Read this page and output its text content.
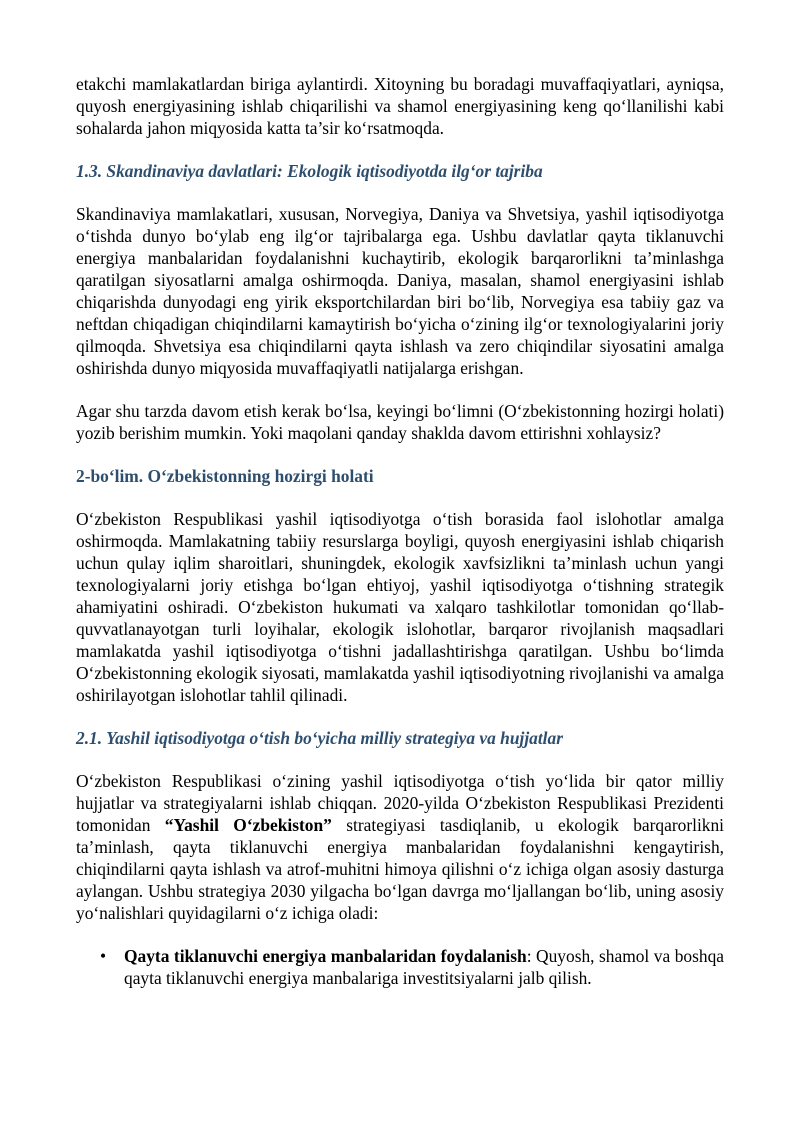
etakchi mamlakatlardan biriga aylantirdi. Xitoyning bu boradagi muvaffaqiyatlari, ayniqsa, quyosh energiyasining ishlab chiqarilishi va shamol energiyasining keng qo‘llanilishi kabi sohalarda jahon miqyosida katta ta’sir ko‘rsatmoqda.

1.3. Skandinaviya davlatlari: Ekologik iqtisodiyotda ilg‘or tajriba

Skandinaviya mamlakatlari, xususan, Norvegiya, Daniya va Shvetsiya, yashil iqtisodiyotga o‘tishda dunyo bo‘ylab eng ilg‘or tajribalarga ega. Ushbu davlatlar qayta tiklanuvchi energiya manbalaridan foydalanishni kuchaytirib, ekologik barqarorlikni ta’minlashga qaratilgan siyosatlarni amalga oshirmoqda. Daniya, masalan, shamol energiyasini ishlab chiqarishda dunyodagi eng yirik eksportchilardan biri bo‘lib, Norvegiya esa tabiiy gaz va neftdan chiqadigan chiqindilarni kamaytirish bo‘yicha o‘zining ilg‘or texnologiyalarini joriy qilmoqda. Shvetsiya esa chiqindilarni qayta ishlash va zero chiqindilar siyosatini amalga oshirishda dunyo miqyosida muvaffaqiyatli natijalarga erishgan.

Agar shu tarzda davom etish kerak bo‘lsa, keyingi bo‘limni (O‘zbekistonning hozirgi holati) yozib berishim mumkin. Yoki maqolani qanday shaklda davom ettirishni xohlaysiz?

2-bo‘lim. O‘zbekistonning hozirgi holati

O‘zbekiston Respublikasi yashil iqtisodiyotga o‘tish borasida faol islohotlar amalga oshirmoqda. Mamlakatning tabiiy resurslarga boyligi, quyosh energiyasini ishlab chiqarish uchun qulay iqlim sharoitlari, shuningdek, ekologik xavfsizlikni ta’minlash uchun yangi texnologiyalarni joriy etishga bo‘lgan ehtiyoj, yashil iqtisodiyotga o‘tishning strategik ahamiyatini oshiradi. O‘zbekiston hukumati va xalqaro tashkilotlar tomonidan qo‘llab-quvvatlanayotgan turli loyihalar, ekologik islohotlar, barqaror rivojlanish maqsadlari mamlakatda yashil iqtisodiyotga o‘tishni jadallashtirishga qaratilgan. Ushbu bo‘limda O‘zbekistonning ekologik siyosati, mamlakatda yashil iqtisodiyotning rivojlanishi va amalga oshirilayotgan islohotlar tahlil qilinadi.

2.1. Yashil iqtisodiyotga o‘tish bo‘yicha milliy strategiya va hujjatlar

O‘zbekiston Respublikasi o‘zining yashil iqtisodiyotga o‘tish yo‘lida bir qator milliy hujjatlar va strategiyalarni ishlab chiqqan. 2020-yilda O‘zbekiston Respublikasi Prezidenti tomonidan “Yashil O‘zbekiston” strategiyasi tasdiqlanib, u ekologik barqarorlikni ta’minlash, qayta tiklanuvchi energiya manbalaridan foydalanishni kengaytirish, chiqindilarni qayta ishlash va atrof-muhitni himoya qilishni o‘z ichiga olgan asosiy dasturga aylangan. Ushbu strategiya 2030 yilgacha bo‘lgan davrga mo‘ljallangan bo‘lib, uning asosiy yo‘nalishlari quyidagilarni o‘z ichiga oladi:

• Qayta tiklanuvchi energiya manbalaridan foydalanish: Quyosh, shamol va boshqa qayta tiklanuvchi energiya manbalariga investitsiyalarni jalb qilish.
